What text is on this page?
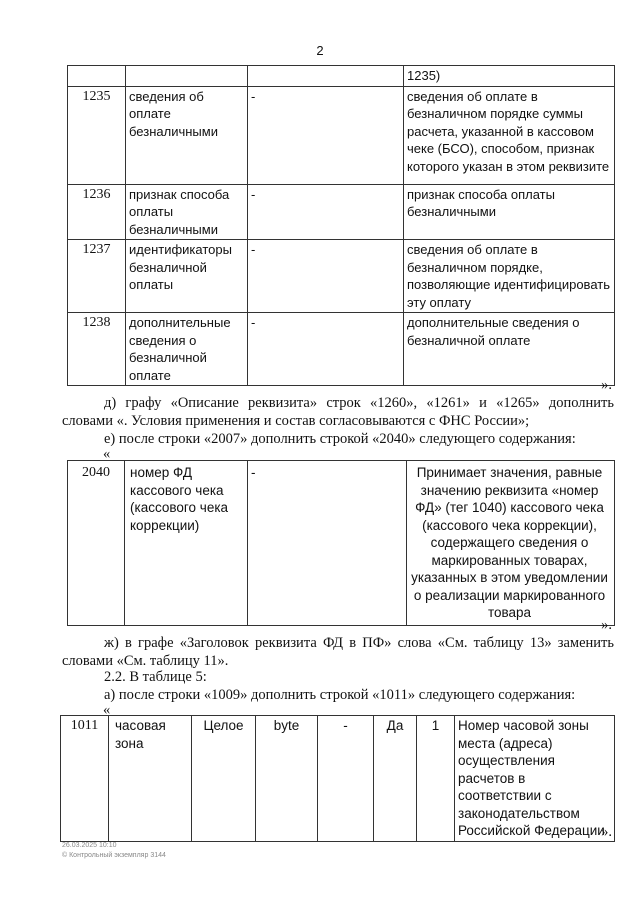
2
			1235)
1235	сведения об оплате безналичными	-	сведения об оплате в безналичном порядке суммы расчета, указанной в кассовом чеке (БСО), способом, признак которого указан в этом реквизите
1236	признак способа оплаты безналичными	-	признак способа оплаты безналичными
1237	идентификаторы безналичной оплаты	-	сведения об оплате в безналичном порядке, позволяющие идентифицировать эту оплату
1238	дополнительные сведения о безналичной оплате	-	дополнительные сведения о безналичной оплате
».
д) графу «Описание реквизита» строк «1260», «1261» и «1265» дополнить словами «. Условия применения и состав согласовываются с ФНС России»;
е) после строки «2007» дополнить строкой «2040» следующего содержания:
«
2040	номер ФД кассового чека (кассового чека коррекции)	-	Принимает значения, равные значению реквизита «номер ФД» (тег 1040) кассового чека (кассового чека коррекции), содержащего сведения о маркированных товарах, указанных в этом уведомлении о реализации маркированного товара
».
ж) в графе «Заголовок реквизита ФД в ПФ» слова «См. таблицу 13» заменить словами «См. таблицу 11».
2.2. В таблице 5:
а) после строки «1009» дополнить строкой «1011» следующего содержания:
«
1011	часовая зона	Целое	byte	-	Да	1	Номер часовой зоны места (адреса) осуществления расчетов в соответствии с законодательством Российской Федерации
».
26.03.2025 10:10
© Контрольный экземпляр 3144
